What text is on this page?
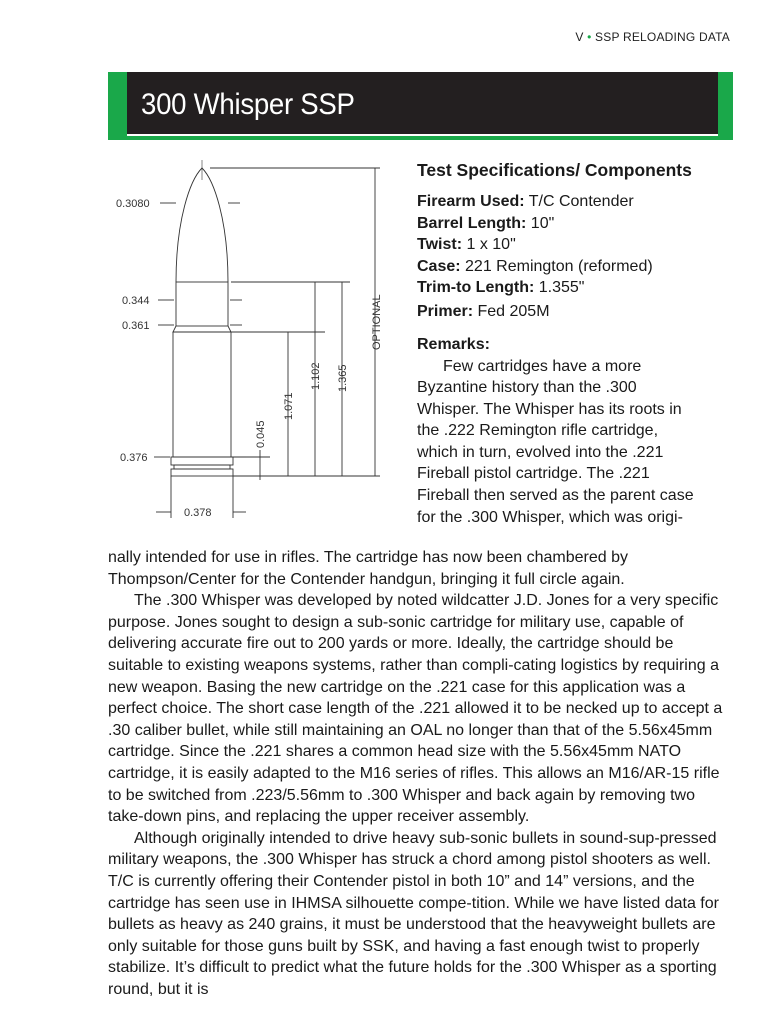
V • SSP RELOADING DATA
300 Whisper SSP
0.3080
0.344
0.361
0.376
0.378
0.045
1.071
1.102 1.365
OPTIONAL
Test Specifications/ Components
Firearm Used: T/C Contender
Barrel Length: 10"
Twist: 1 x 10"
Case: 221 Remington (reformed)
Trim-to Length: 1.355"
Primer: Fed 205M
Remarks:
Few cartridges have a more
Byzantine history than the .300
Whisper. The Whisper has its roots in
the .222 Remington rifle cartridge,
which in turn, evolved into the .221
Fireball pistol cartridge. The .221
Fireball then served as the parent case
for the .300 Whisper, which was origi-

nally intended for use in rifles. The cartridge has now been chambered by Thompson/Center for the Contender handgun, bringing it full circle again.

The .300 Whisper was developed by noted wildcatter J.D. Jones for a very specific purpose. Jones sought to design a sub-sonic cartridge for military use, capable of delivering accurate fire out to 200 yards or more. Ideally, the cartridge should be suitable to existing weapons systems, rather than compli-cating logistics by requiring a new weapon. Basing the new cartridge on the .221 case for this application was a perfect choice. The short case length of the .221 allowed it to be necked up to accept a .30 caliber bullet, while still maintaining an OAL no longer than that of the 5.56x45mm cartridge. Since the .221 shares a common head size with the 5.56x45mm NATO cartridge, it is easily adapted to the M16 series of rifles. This allows an M16/AR-15 rifle to be switched from .223/5.56mm to .300 Whisper and back again by removing two take-down pins, and replacing the upper receiver assembly.

Although originally intended to drive heavy sub-sonic bullets in sound-sup-pressed military weapons, the .300 Whisper has struck a chord among pistol shooters as well. T/C is currently offering their Contender pistol in both 10” and 14” versions, and the cartridge has seen use in IHMSA silhouette compe-tition. While we have listed data for bullets as heavy as 240 grains, it must be understood that the heavyweight bullets are only suitable for those guns built by SSK, and having a fast enough twist to properly stabilize. It’s difficult to predict what the future holds for the .300 Whisper as a sporting round, but it is
